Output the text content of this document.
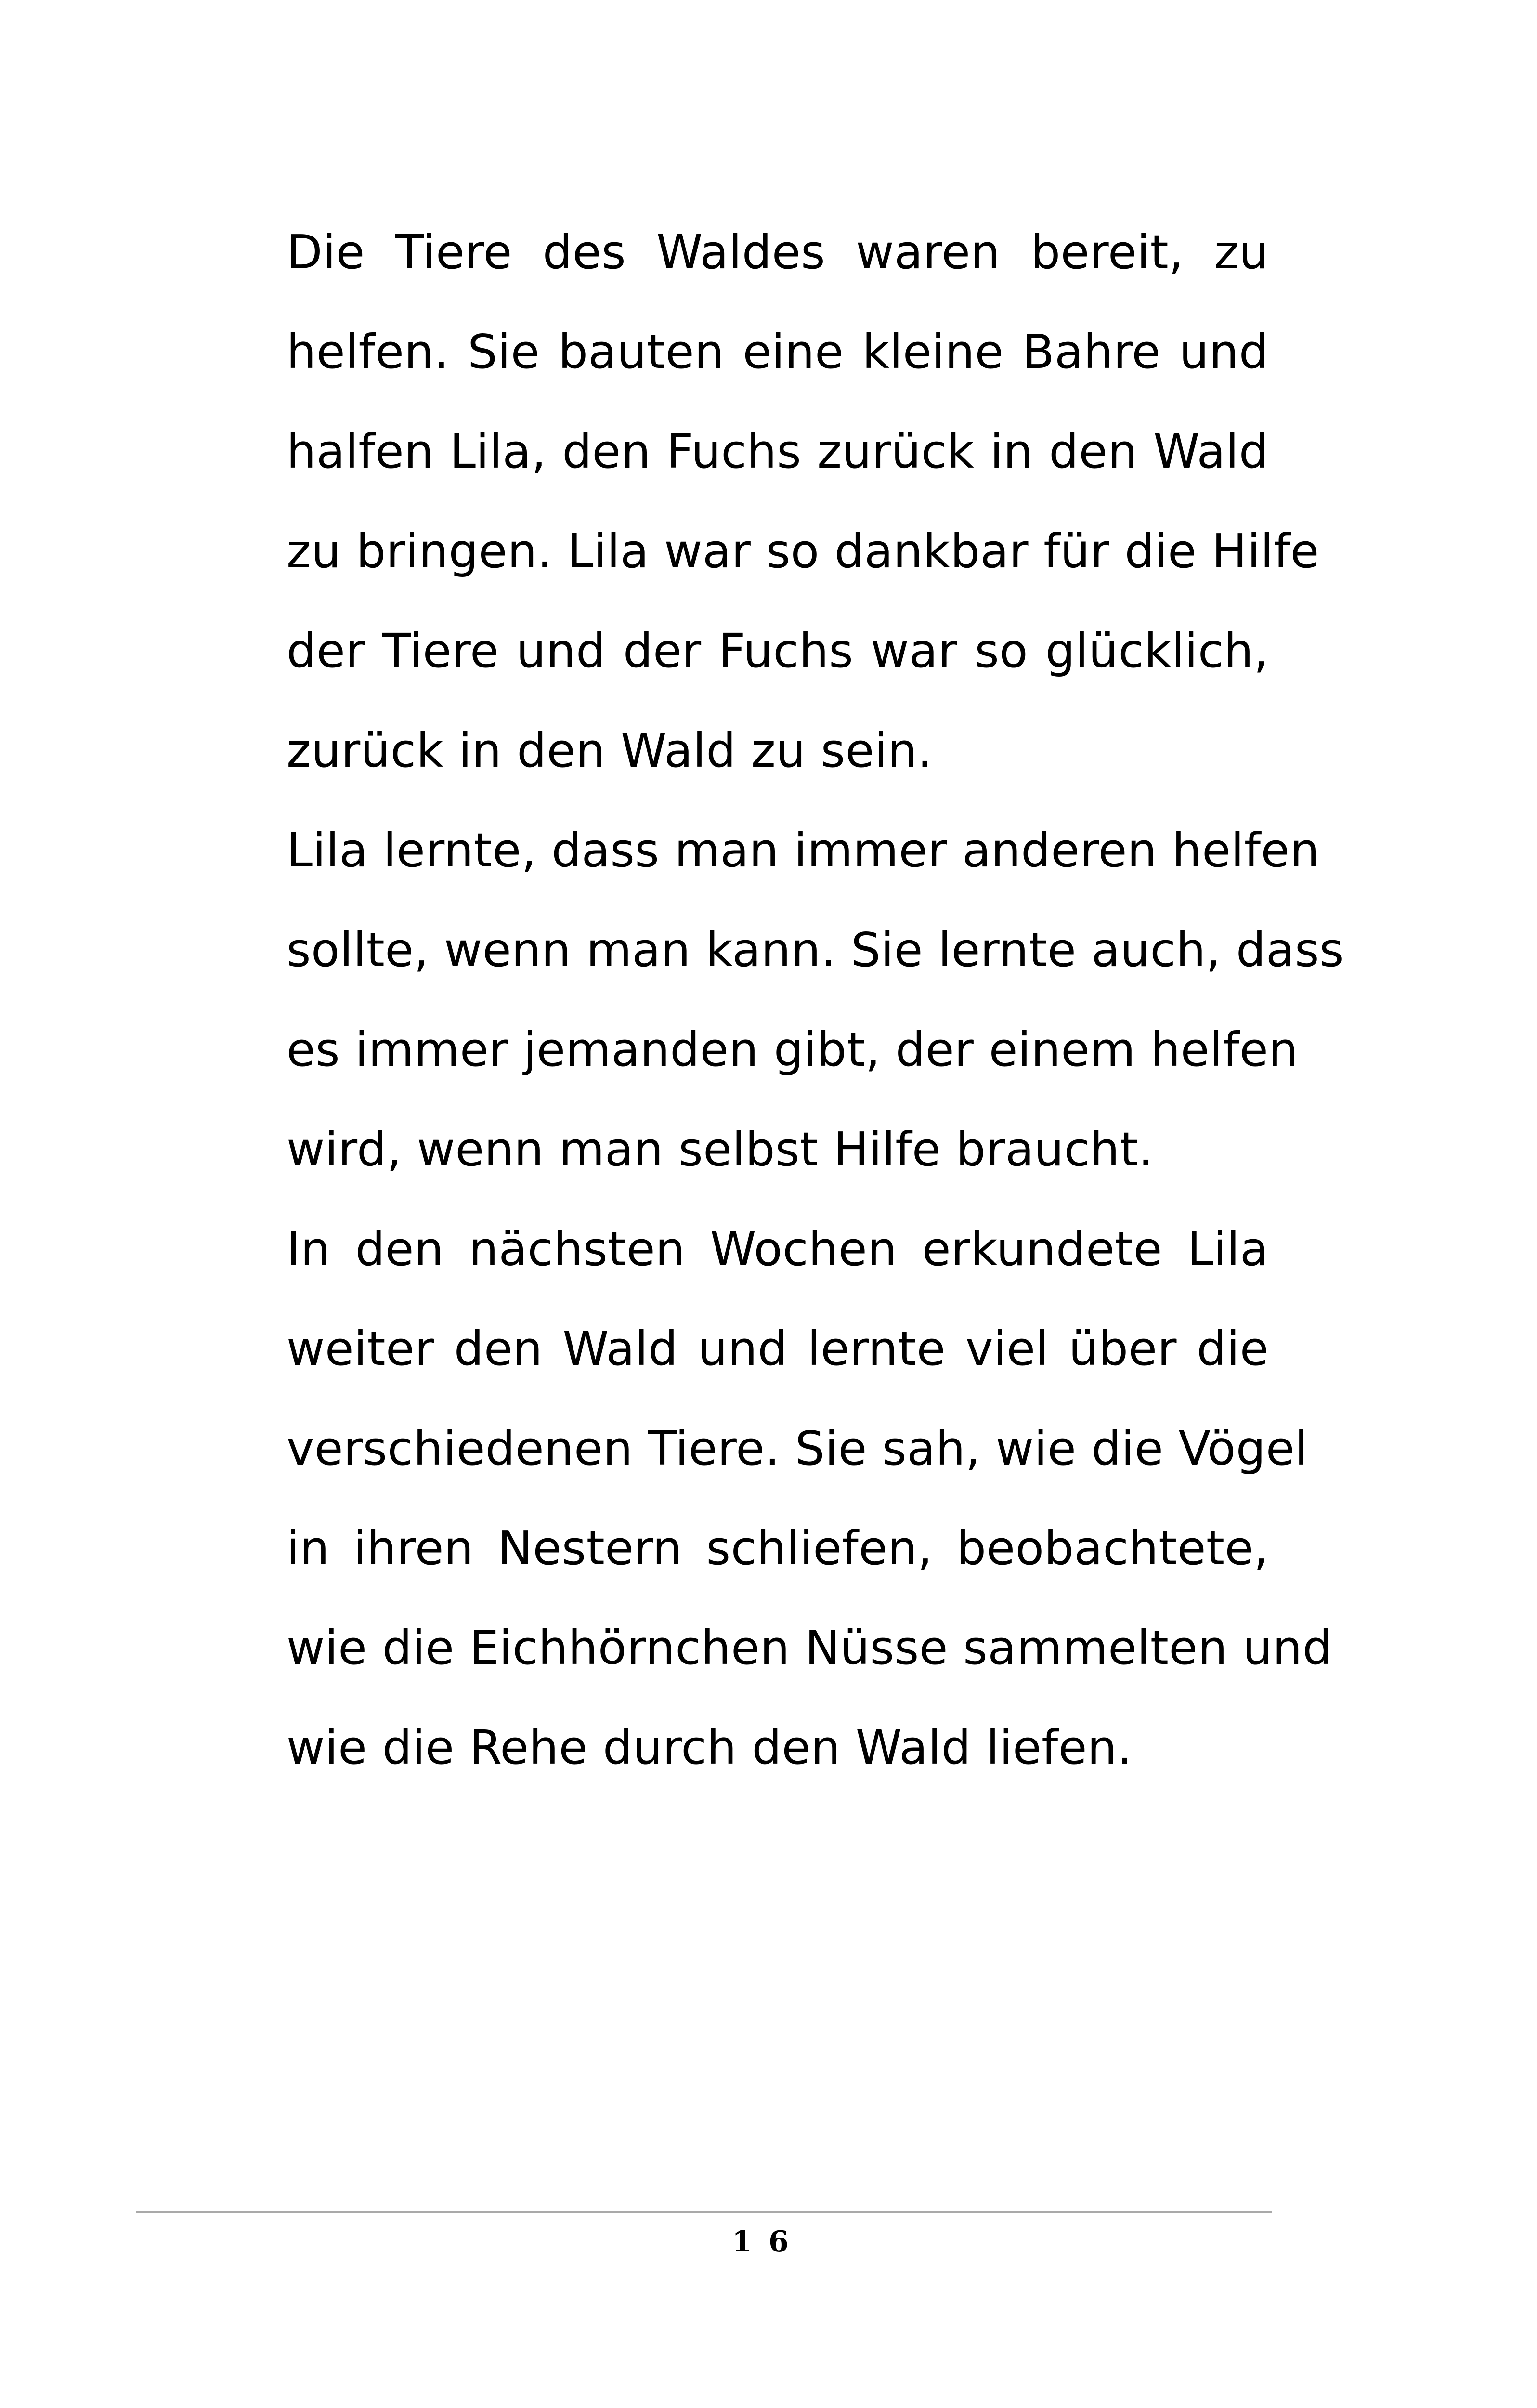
Die Tiere des Waldes waren bereit, zu
helfen. Sie bauten eine kleine Bahre und
halfen Lila, den Fuchs zurück in den Wald
zu bringen. Lila war so dankbar für die Hilfe
der Tiere und der Fuchs war so glücklich,
zurück in den Wald zu sein.
Lila lernte, dass man immer anderen helfen
sollte, wenn man kann. Sie lernte auch, dass
es immer jemanden gibt, der einem helfen
wird, wenn man selbst Hilfe braucht.
In den nächsten Wochen erkundete Lila
weiter den Wald und lernte viel über die
verschiedenen Tiere. Sie sah, wie die Vögel
in ihren Nestern schliefen, beobachtete,
wie die Eichhörnchen Nüsse sammelten und
wie die Rehe durch den Wald liefen.
16
